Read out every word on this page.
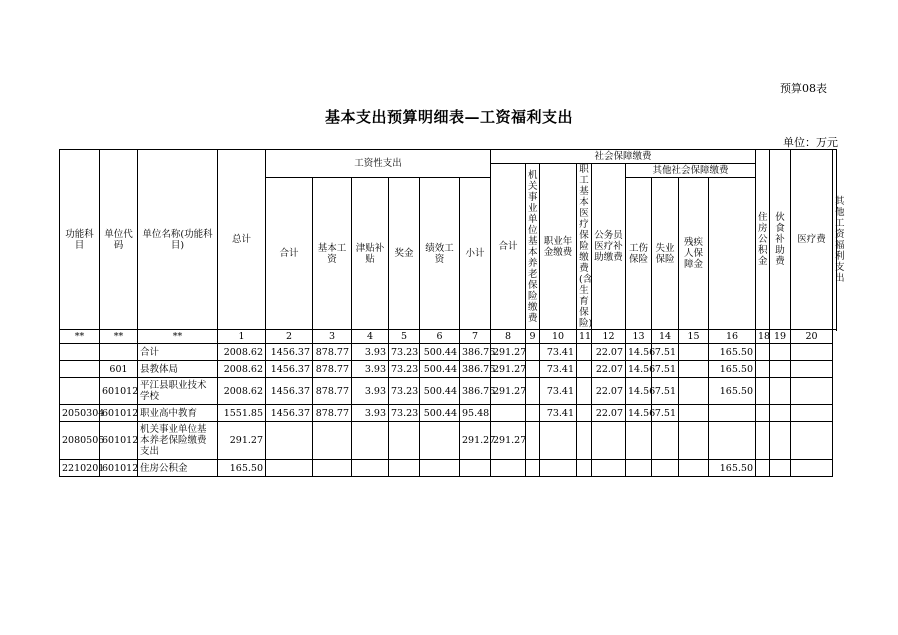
预算08表
基本支出预算明细表—工资福利支出
单位：万元
功能科目	单位代码	单位名称(功能科目)	总计	工资性支出						社会保障缴费									住房公积金	伙食补助费	医疗费	其他工资福利支出
										合计	机关事业单位基本养老保险缴费	职业年金缴费	职工基本医疗保险缴费(含生育保险)	公务员医疗补助缴费	其他社会保障缴费							
				合计	基本工资	津贴补贴	奖金	绩效工资	小计						工伤保险	失业保险	残疾人保障金					

**	**	**	1	2	3	4	5	6	7	8	9	10	11	12	13	14	15	16	18	19	20	
		合计	2008.62	1456.37	878.77	3.93	73.23	500.44	386.75	291.27		73.41		22.07	14.56	7.51		165.50				
	601	县教体局	2008.62	1456.37	878.77	3.93	73.23	500.44	386.75	291.27		73.41		22.07	14.56	7.51		165.50				
	601012	平江县职业技术学校	2008.62	1456.37	878.77	3.93	73.23	500.44	386.75	291.27		73.41		22.07	14.56	7.51		165.50				
2050304	601012	职业高中教育	1551.85	1456.37	878.77	3.93	73.23	500.44	95.48			73.41		22.07	14.56	7.51						
2080505	601012	机关事业单位基本养老保险缴费支出	291.27						291.27	291.27												
2210201	601012	住房公积金	165.50															165.50				
